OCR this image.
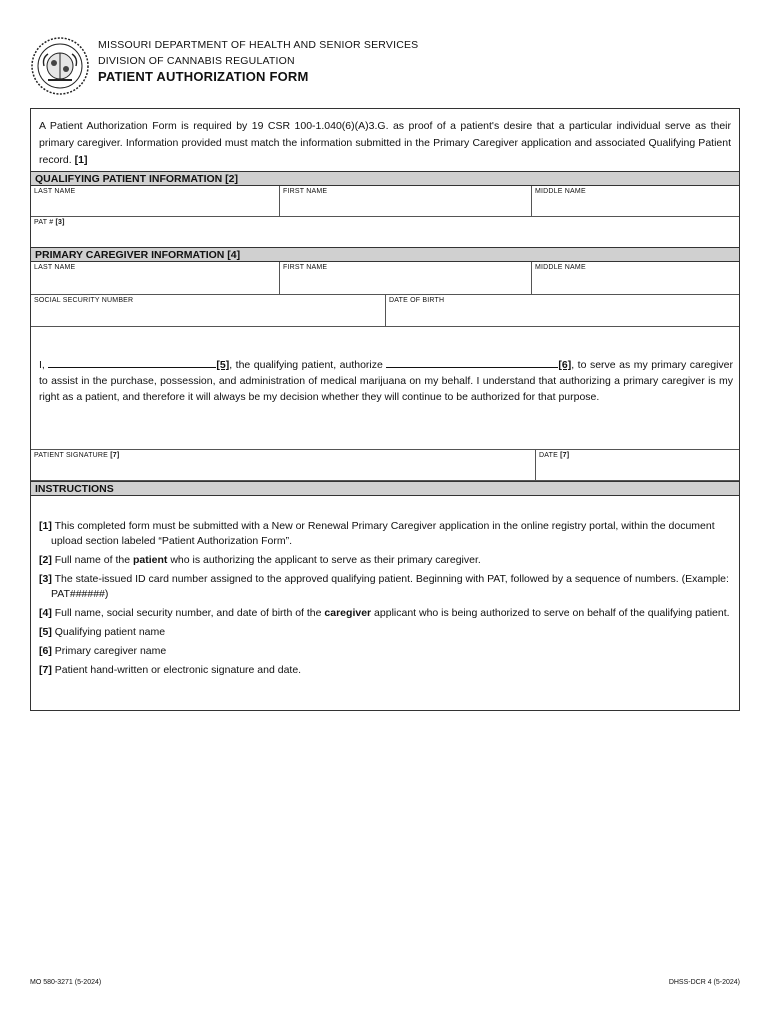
MISSOURI DEPARTMENT OF HEALTH AND SENIOR SERVICES
DIVISION OF CANNABIS REGULATION
PATIENT AUTHORIZATION FORM
A Patient Authorization Form is required by 19 CSR 100-1.040(6)(A)3.G. as proof of a patient's desire that a particular individual serve as their primary caregiver. Information provided must match the information submitted in the Primary Caregiver application and associated Qualifying Patient record. [1]
QUALIFYING PATIENT INFORMATION [2]
LAST NAME	FIRST NAME	MIDDLE NAME
PAT # [3]
PRIMARY CAREGIVER INFORMATION [4]
LAST NAME	FIRST NAME	MIDDLE NAME
SOCIAL SECURITY NUMBER	DATE OF BIRTH
I,	[5], the qualifying patient, authorize	[6], to serve as my primary caregiver to assist in the purchase, possession, and administration of medical marijuana on my behalf. I understand that authorizing a primary caregiver is my right as a patient, and therefore it will always be my decision whether they will continue to be authorized for that purpose.
PATIENT SIGNATURE [7]	DATE [7]
INSTRUCTIONS

[1] This completed form must be submitted with a New or Renewal Primary Caregiver application in the online registry portal, within the document upload section labeled “Patient Authorization Form”.

[2] Full name of the patient who is authorizing the applicant to serve as their primary caregiver.

[3] The state-issued ID card number assigned to the approved qualifying patient. Beginning with PAT, followed by a sequence of numbers. (Example: PAT######)

[4] Full name, social security number, and date of birth of the caregiver applicant who is being authorized to serve on behalf of the qualifying patient.

[5] Qualifying patient name

[6] Primary caregiver name

[7] Patient hand-written or electronic signature and date.

MO 580-3271 (5-2024)	DHSS-DCR 4 (5-2024)
